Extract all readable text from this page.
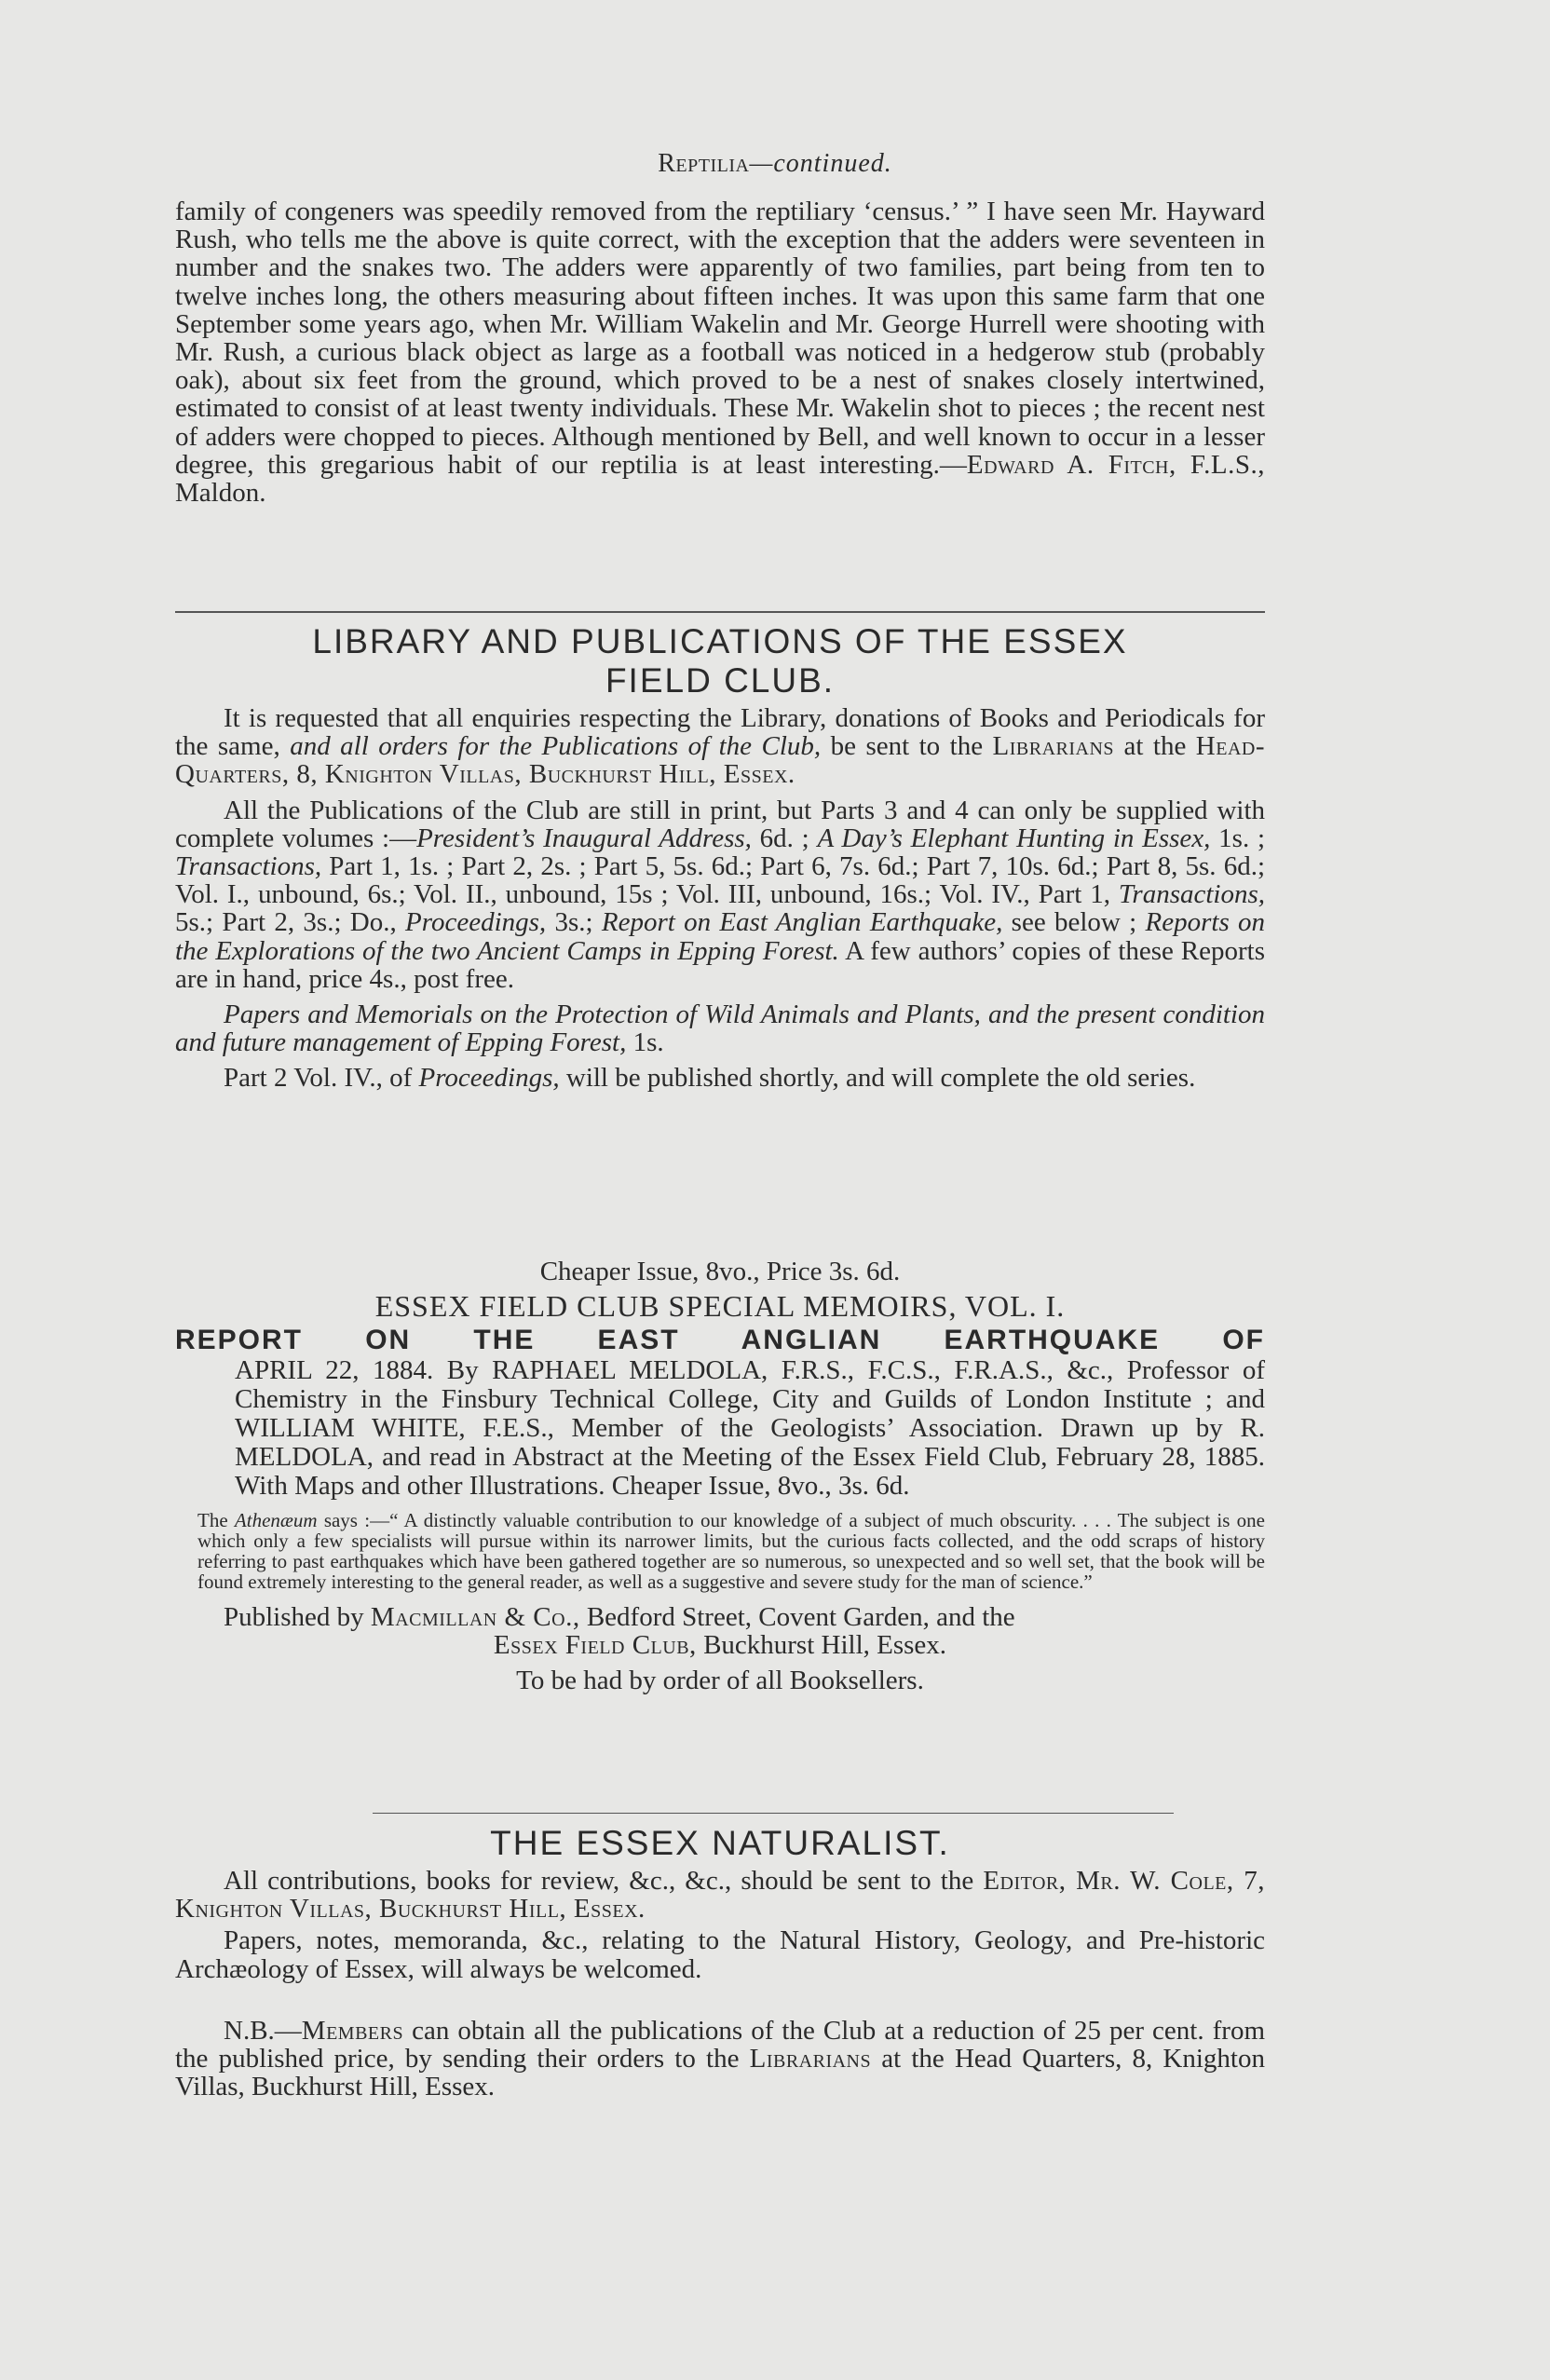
Reptilia—continued.

family of congeners was speedily removed from the reptiliary ‘census.’ ” I have seen Mr. Hayward Rush, who tells me the above is quite correct, with the exception that the adders were seventeen in number and the snakes two. The adders were apparently of two families, part being from ten to twelve inches long, the others measuring about fifteen inches. It was upon this same farm that one September some years ago, when Mr. William Wakelin and Mr. George Hurrell were shooting with Mr. Rush, a curious black object as large as a football was noticed in a hedgerow stub (probably oak), about six feet from the ground, which proved to be a nest of snakes closely intertwined, estimated to consist of at least twenty individuals. These Mr. Wakelin shot to pieces ; the recent nest of adders were chopped to pieces. Although mentioned by Bell, and well known to occur in a lesser degree, this gregarious habit of our reptilia is at least interesting.—Edward A. Fitch, F.L.S., Maldon.

LIBRARY AND PUBLICATIONS OF THE ESSEX
FIELD CLUB.

It is requested that all enquiries respecting the Library, donations of Books and Periodicals for the same, and all orders for the Publications of the Club, be sent to the Librarians at the Head-Quarters, 8, Knighton Villas, Buckhurst Hill, Essex.

All the Publications of the Club are still in print, but Parts 3 and 4 can only be supplied with complete volumes :—President’s Inaugural Address, 6d. ; A Day’s Elephant Hunting in Essex, 1s. ; Transactions, Part 1, 1s. ; Part 2, 2s. ; Part 5, 5s. 6d.; Part 6, 7s. 6d.; Part 7, 10s. 6d.; Part 8, 5s. 6d.; Vol. I., unbound, 6s.; Vol. II., unbound, 15s ; Vol. III, unbound, 16s.; Vol. IV., Part 1, Transactions, 5s.; Part 2, 3s.; Do., Proceedings, 3s.; Report on East Anglian Earthquake, see below ; Reports on the Explorations of the two Ancient Camps in Epping Forest. A few authors’ copies of these Reports are in hand, price 4s., post free.

Papers and Memorials on the Protection of Wild Animals and Plants, and the present condition and future management of Epping Forest, 1s.

Part 2 Vol. IV., of Proceedings, will be published shortly, and will complete the old series.

Cheaper Issue, 8vo., Price 3s. 6d.

ESSEX FIELD CLUB SPECIAL MEMOIRS, VOL. I.

REPORT ON THE EAST ANGLIAN EARTHQUAKE OF

APRIL 22, 1884. By RAPHAEL MELDOLA, F.R.S., F.C.S., F.R.A.S., &c., Professor of Chemistry in the Finsbury Technical College, City and Guilds of London Institute ; and WILLIAM WHITE, F.E.S., Member of the Geologists’ Association. Drawn up by R. MELDOLA, and read in Abstract at the Meeting of the Essex Field Club, February 28, 1885. With Maps and other Illustrations. Cheaper Issue, 8vo., 3s. 6d.

The Athenæum says :—“ A distinctly valuable contribution to our knowledge of a subject of much obscurity. . . . The subject is one which only a few specialists will pursue within its narrower limits, but the curious facts collected, and the odd scraps of history referring to past earthquakes which have been gathered together are so numerous, so unexpected and so well set, that the book will be found extremely interesting to the general reader, as well as a suggestive and severe study for the man of science.”

Published by Macmillan & Co., Bedford Street, Covent Garden, and the

Essex Field Club, Buckhurst Hill, Essex.

To be had by order of all Booksellers.

THE ESSEX NATURALIST.

All contributions, books for review, &c., &c., should be sent to the Editor, Mr. W. Cole, 7, Knighton Villas, Buckhurst Hill, Essex.

Papers, notes, memoranda, &c., relating to the Natural History, Geology, and Pre-historic Archæology of Essex, will always be welcomed.

N.B.—Members can obtain all the publications of the Club at a reduction of 25 per cent. from the published price, by sending their orders to the Librarians at the Head Quarters, 8, Knighton Villas, Buckhurst Hill, Essex.
